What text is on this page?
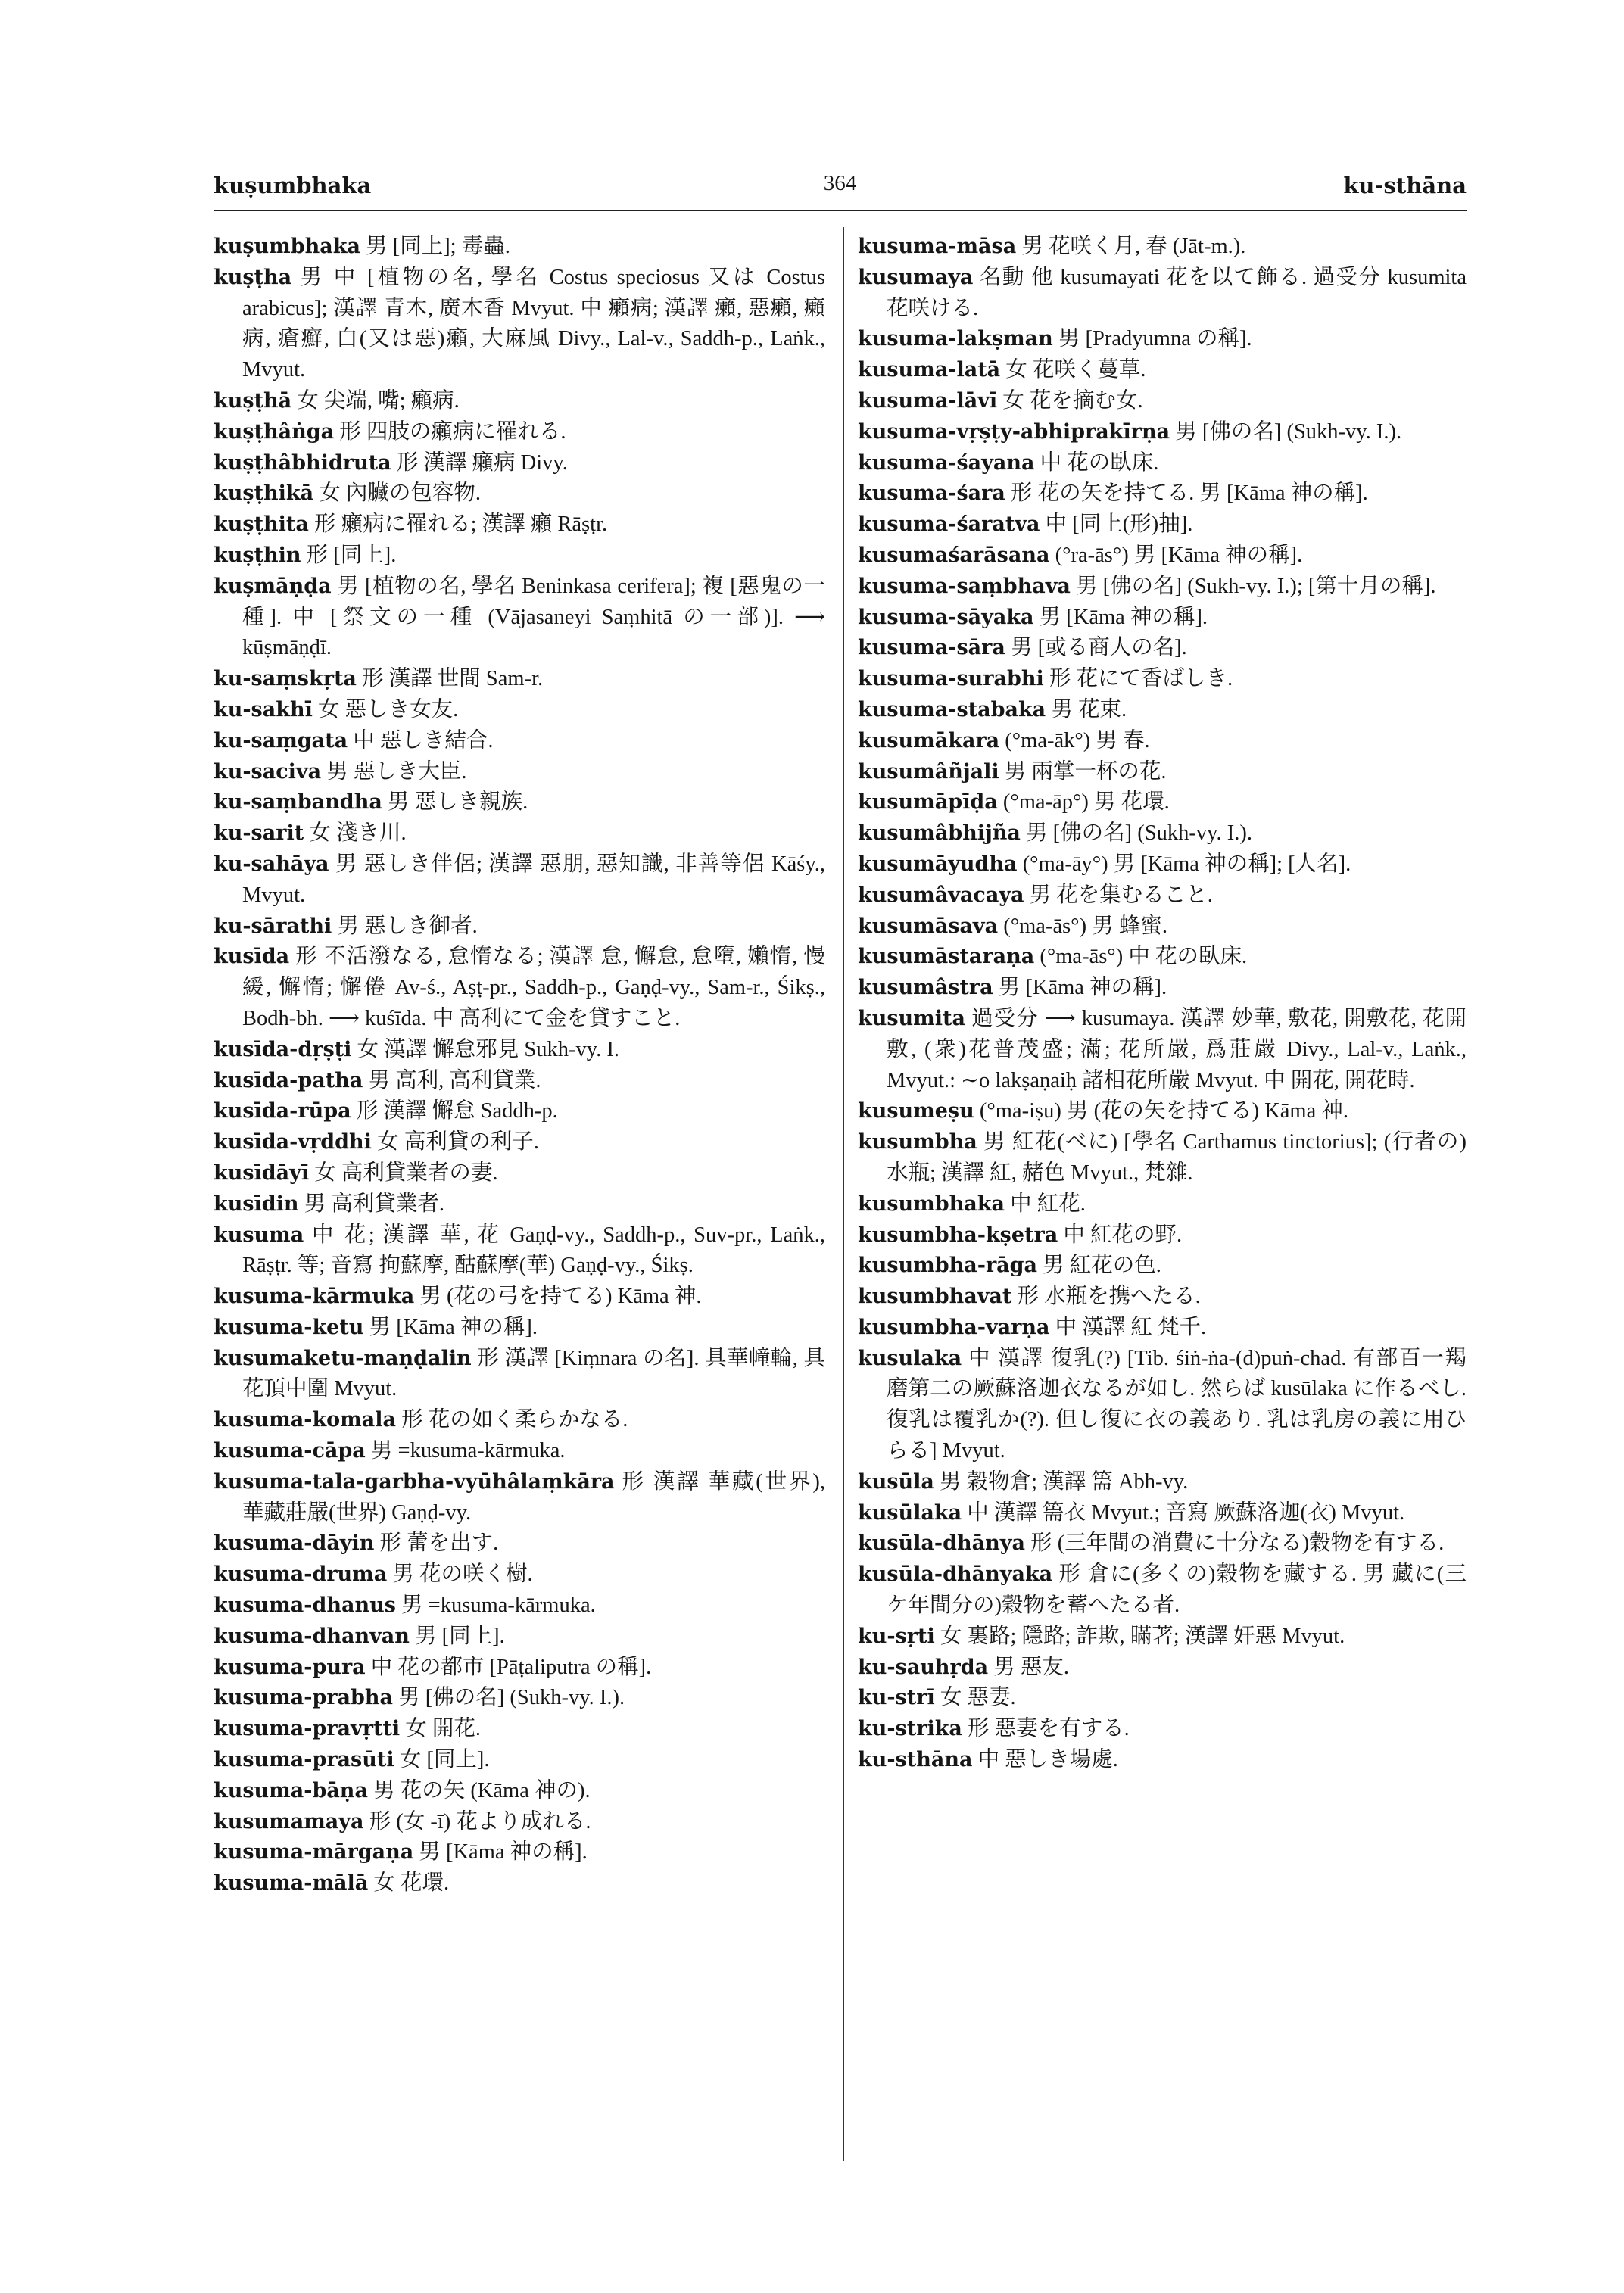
kuṣumbhaka	364	ku-sthāna
kuṣumbhaka 男 [同上]; 毒蟲.
kuṣṭha 男 中 [植物の名, 學名 Costus speciosus 又は Costus arabicus]; 漢譯 青木, 廣木香 Mvyut. 中 癩病; 漢譯 癩, 惡癩, 癩病, 瘡癬, 白(又は惡)癩, 大麻風 Divy., Lal-v., Saddh-p., Laṅk., Mvyut.
kuṣṭhā 女 尖端, 嘴; 癩病.
kuṣṭhâṅga 形 四肢の癩病に罹れる.
kuṣṭhâbhidruta 形 漢譯 癩病 Divy.
kuṣṭhikā 女 內臟の包容物.
kuṣṭhita 形 癩病に罹れる; 漢譯 癩 Rāṣṭr.
kuṣṭhin 形 [同上].
kuṣmāṇḍa 男 [植物の名, 學名 Beninkasa cerifera]; 複 [惡鬼の一種]. 中 [祭文の一種 (Vājasaneyi Saṃhitā の一部)]. ⟶ kūṣmāṇḍī.
ku-saṃskṛta 形 漢譯 世間 Sam-r.
ku-sakhī 女 惡しき女友.
ku-saṃgata 中 惡しき結合.
ku-saciva 男 惡しき大臣.
ku-saṃbandha 男 惡しき親族.
ku-sarit 女 淺き川.
ku-sahāya 男 惡しき伴侶; 漢譯 惡朋, 惡知識, 非善等侶 Kāśy., Mvyut.
ku-sārathi 男 惡しき御者.
kusīda 形 不活潑なる, 怠惰なる; 漢譯 怠, 懈怠, 怠墮, 嬾惰, 慢緩, 懈惰; 懈倦 Av-ś., Aṣṭ-pr., Saddh-p., Gaṇḍ-vy., Sam-r., Śikṣ., Bodh-bh. ⟶ kuśīda. 中 高利にて金を貸すこと.
kusīda-dṛṣṭi 女 漢譯 懈怠邪見 Sukh-vy. I.
kusīda-patha 男 高利, 高利貸業.
kusīda-rūpa 形 漢譯 懈怠 Saddh-p.
kusīda-vṛddhi 女 高利貸の利子.
kusīdāyī 女 高利貸業者の妻.
kusīdin 男 高利貸業者.
kusuma 中 花; 漢譯 華, 花 Gaṇḍ-vy., Saddh-p., Suv-pr., Laṅk., Rāṣṭr. 等; 音寫 拘蘇摩, 酤蘇摩(華) Gaṇḍ-vy., Śikṣ.
kusuma-kārmuka 男 (花の弓を持てる) Kāma 神.
kusuma-ketu 男 [Kāma 神の稱].
kusumaketu-maṇḍalin 形 漢譯 [Kiṃnara の名]. 具華幢輪, 具花頂中圍 Mvyut.
kusuma-komala 形 花の如く柔らかなる.
kusuma-cāpa 男 =kusuma-kārmuka.
kusuma-tala-garbha-vyūhâlaṃkāra 形 漢譯 華藏(世界), 華藏莊嚴(世界) Gaṇḍ-vy.
kusuma-dāyin 形 蕾を出す.
kusuma-druma 男 花の咲く樹.
kusuma-dhanus 男 =kusuma-kārmuka.
kusuma-dhanvan 男 [同上].
kusuma-pura 中 花の都市 [Pāṭaliputra の稱].
kusuma-prabha 男 [佛の名] (Sukh-vy. I.).
kusuma-pravṛtti 女 開花.
kusuma-prasūti 女 [同上].
kusuma-bāṇa 男 花の矢 (Kāma 神の).
kusumamaya 形 (女 -ī) 花より成れる.
kusuma-mārgaṇa 男 [Kāma 神の稱].
kusuma-mālā 女 花環.
kusuma-māsa 男 花咲く月, 春 (Jāt-m.).
kusumaya 名動 他 kusumayati 花を以て飾る. 過受分 kusumita 花咲ける.
kusuma-lakṣman 男 [Pradyumna の稱].
kusuma-latā 女 花咲く蔓草.
kusuma-lāvī 女 花を摘む女.
kusuma-vṛṣṭy-abhiprakīrṇa 男 [佛の名] (Sukh-vy. I.).
kusuma-śayana 中 花の臥床.
kusuma-śara 形 花の矢を持てる. 男 [Kāma 神の稱].
kusuma-śaratva 中 [同上(形)抽].
kusumaśarāsana (°ra-ās°) 男 [Kāma 神の稱].
kusuma-saṃbhava 男 [佛の名] (Sukh-vy. I.); [第十月の稱].
kusuma-sāyaka 男 [Kāma 神の稱].
kusuma-sāra 男 [或る商人の名].
kusuma-surabhi 形 花にて香ばしき.
kusuma-stabaka 男 花束.
kusumākara (°ma-āk°) 男 春.
kusumâñjali 男 兩掌一杯の花.
kusumāpīḍa (°ma-āp°) 男 花環.
kusumâbhijña 男 [佛の名] (Sukh-vy. I.).
kusumāyudha (°ma-āy°) 男 [Kāma 神の稱]; [人名].
kusumâvacaya 男 花を集むること.
kusumāsava (°ma-ās°) 男 蜂蜜.
kusumāstaraṇa (°ma-ās°) 中 花の臥床.
kusumâstra 男 [Kāma 神の稱].
kusumita 過受分 ⟶ kusumaya. 漢譯 妙華, 敷花, 開敷花, 花開敷, (衆)花普茂盛; 滿; 花所嚴, 爲莊嚴 Divy., Lal-v., Laṅk., Mvyut.: ∼o lakṣaṇaiḥ 諸相花所嚴 Mvyut. 中 開花, 開花時.
kusumeṣu (°ma-iṣu) 男 (花の矢を持てる) Kāma 神.
kusumbha 男 紅花(べに) [學名 Carthamus tinctorius]; (行者の)水瓶; 漢譯 紅, 赭色 Mvyut., 梵雜.
kusumbhaka 中 紅花.
kusumbha-kṣetra 中 紅花の野.
kusumbha-rāga 男 紅花の色.
kusumbhavat 形 水瓶を携へたる.
kusumbha-varṇa 中 漢譯 紅 梵千.
kusulaka 中 漢譯 復乳(?) [Tib. śiṅ-ṅa-(d)puṅ-chad. 有部百一羯磨第二の厥蘇洛迦衣なるが如し. 然らば kusūlaka に作るべし. 復乳は覆乳か(?). 但し復に衣の義あり. 乳は乳房の義に用ひらる] Mvyut.
kusūla 男 穀物倉; 漢譯 篅 Abh-vy.
kusūlaka 中 漢譯 篅衣 Mvyut.; 音寫 厥蘇洛迦(衣) Mvyut.
kusūla-dhānya 形 (三年間の消費に十分なる)穀物を有する.
kusūla-dhānyaka 形 倉に(多くの)穀物を藏する. 男 藏に(三ケ年間分の)穀物を蓄へたる者.
ku-sṛti 女 裏路; 隱路; 詐欺, 瞞著; 漢譯 奸惡 Mvyut.
ku-sauhṛda 男 惡友.
ku-strī 女 惡妻.
ku-strika 形 惡妻を有する.
ku-sthāna 中 惡しき場處.
